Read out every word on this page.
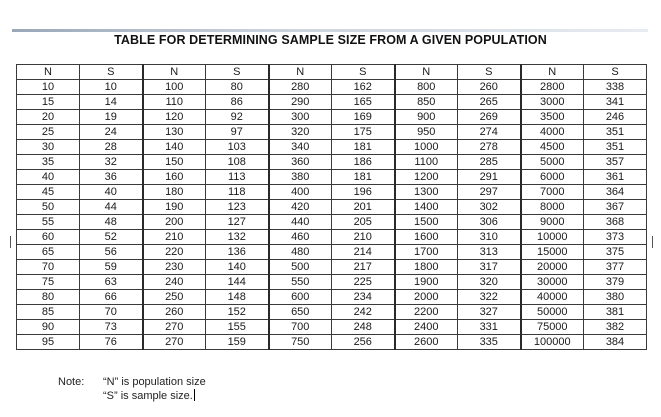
TABLE FOR DETERMINING SAMPLE SIZE FROM A GIVEN POPULATION
N	S	N	S	N	S	N	S	N	S
10	10	100	80	280	162	800	260	2800	338
15	14	110	86	290	165	850	265	3000	341
20	19	120	92	300	169	900	269	3500	246
25	24	130	97	320	175	950	274	4000	351
30	28	140	103	340	181	1000	278	4500	351
35	32	150	108	360	186	1100	285	5000	357
40	36	160	113	380	181	1200	291	6000	361
45	40	180	118	400	196	1300	297	7000	364
50	44	190	123	420	201	1400	302	8000	367
55	48	200	127	440	205	1500	306	9000	368
60	52	210	132	460	210	1600	310	10000	373
65	56	220	136	480	214	1700	313	15000	375
70	59	230	140	500	217	1800	317	20000	377
75	63	240	144	550	225	1900	320	30000	379
80	66	250	148	600	234	2000	322	40000	380
85	70	260	152	650	242	2200	327	50000	381
90	73	270	155	700	248	2400	331	75000	382
95	76	270	159	750	256	2600	335	100000	384
Note: “N” is population size
“S” is sample size.
